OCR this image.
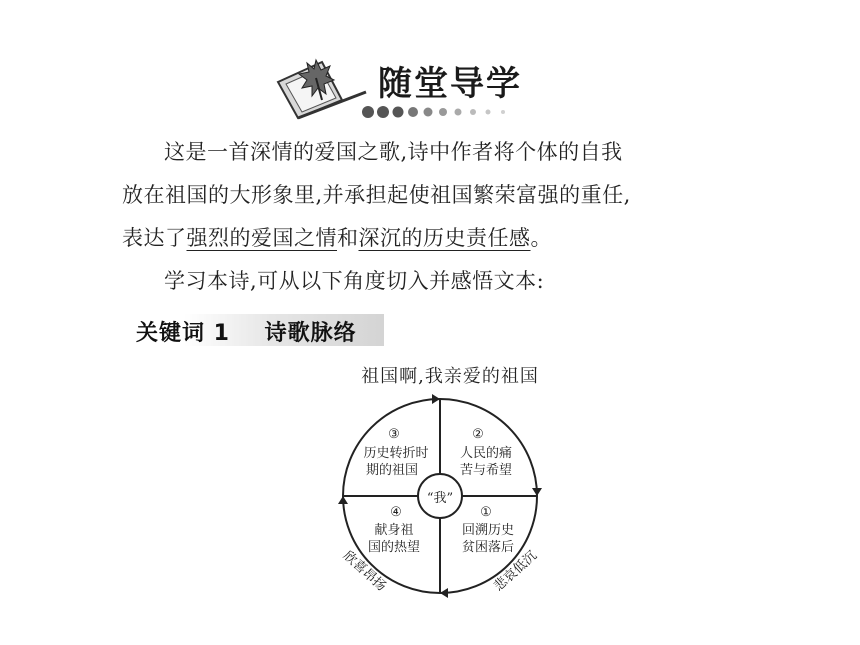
随堂导学
这是一首深情的爱国之歌,诗中作者将个体的自我
放在祖国的大形象里,并承担起使祖国繁荣富强的重任,
表达了强烈的爱国之情和深沉的历史责任感。
学习本诗,可从以下角度切入并感悟文本:
关键词 1    诗歌脉络
祖国啊,我亲爱的祖国
“我”
③
历史转折时
期的祖国
②
人民的痛
苦与希望
④
献身祖
国的热望
①
回溯历史
贫困落后
欣喜昂扬	悲哀低沉
